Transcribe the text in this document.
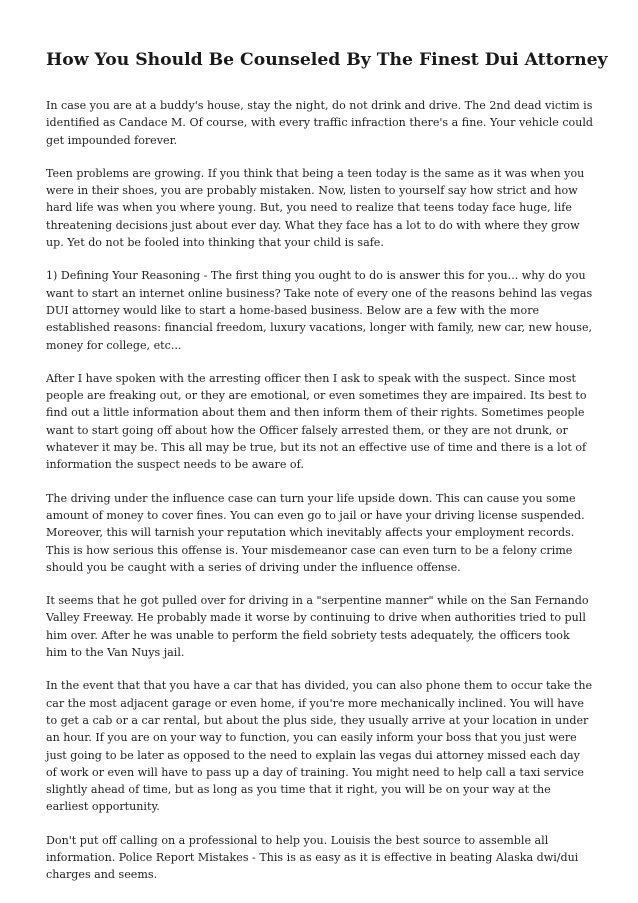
How You Should Be Counseled By The Finest Dui Attorney

In case you are at a buddy's house, stay the night, do not drink and drive. The 2nd dead victim is identified as Candace M. Of course, with every traffic infraction there's a fine. Your vehicle could get impounded forever.

Teen problems are growing. If you think that being a teen today is the same as it was when you were in their shoes, you are probably mistaken. Now, listen to yourself say how strict and how hard life was when you where young. But, you need to realize that teens today face huge, life threatening decisions just about ever day. What they face has a lot to do with where they grow up. Yet do not be fooled into thinking that your child is safe.

1) Defining Your Reasoning - The first thing you ought to do is answer this for you... why do you want to start an internet online business? Take note of every one of the reasons behind las vegas DUI attorney would like to start a home-based business. Below are a few with the more established reasons: financial freedom, luxury vacations, longer with family, new car, new house, money for college, etc...

After I have spoken with the arresting officer then I ask to speak with the suspect. Since most people are freaking out, or they are emotional, or even sometimes they are impaired. Its best to find out a little information about them and then inform them of their rights. Sometimes people want to start going off about how the Officer falsely arrested them, or they are not drunk, or whatever it may be. This all may be true, but its not an effective use of time and there is a lot of information the suspect needs to be aware of.

The driving under the influence case can turn your life upside down. This can cause you some amount of money to cover fines. You can even go to jail or have your driving license suspended. Moreover, this will tarnish your reputation which inevitably affects your employment records. This is how serious this offense is. Your misdemeanor case can even turn to be a felony crime should you be caught with a series of driving under the influence offense.

It seems that he got pulled over for driving in a "serpentine manner" while on the San Fernando Valley Freeway. He probably made it worse by continuing to drive when authorities tried to pull him over. After he was unable to perform the field sobriety tests adequately, the officers took him to the Van Nuys jail.

In the event that that you have a car that has divided, you can also phone them to occur take the car the most adjacent garage or even home, if you're more mechanically inclined. You will have to get a cab or a car rental, but about the plus side, they usually arrive at your location in under an hour. If you are on your way to function, you can easily inform your boss that you just were just going to be later as opposed to the need to explain las vegas dui attorney missed each day of work or even will have to pass up a day of training. You might need to help call a taxi service slightly ahead of time, but as long as you time that it right, you will be on your way at the earliest opportunity.

Don't put off calling on a professional to help you. Louisis the best source to assemble all information. Police Report Mistakes - This is as easy as it is effective in beating Alaska dwi/dui charges and seems.
